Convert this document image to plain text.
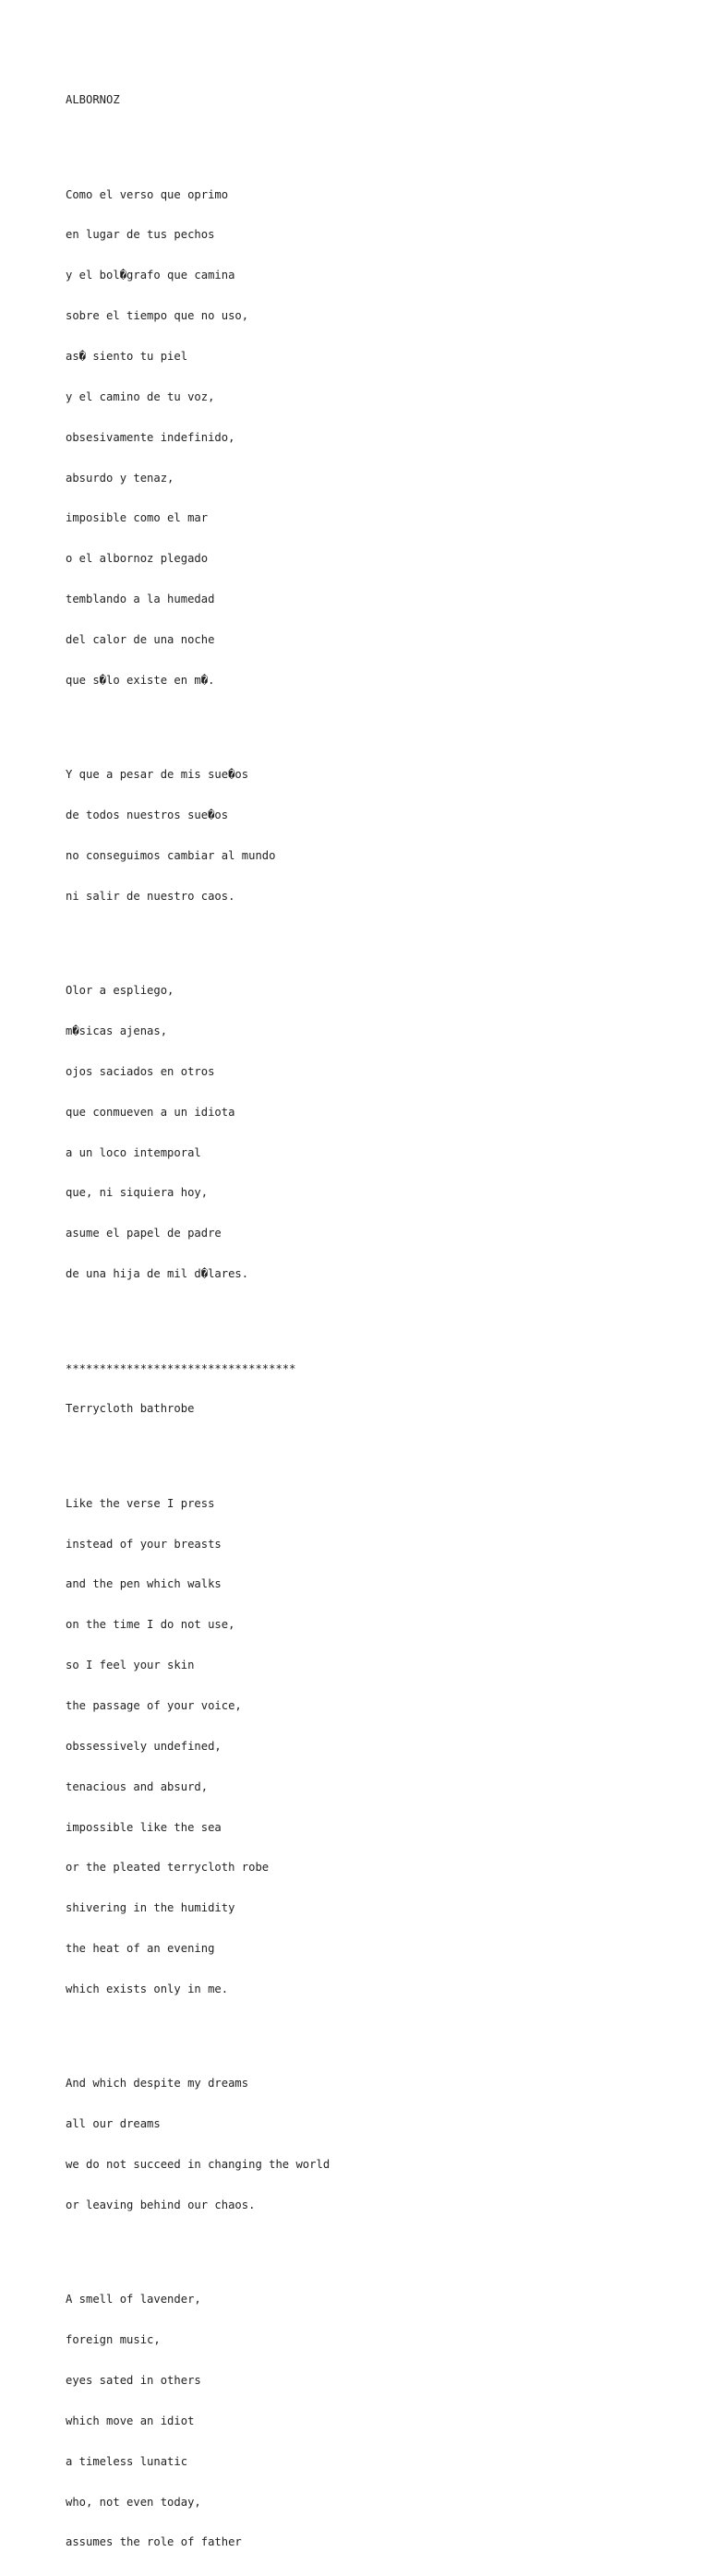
ALBORNOZ

Como el verso que oprimo

en lugar de tus pechos

y el bol�grafo que camina

sobre el tiempo que no uso,

as� siento tu piel

y el camino de tu voz,

obsesivamente indefinido,

absurdo y tenaz,

imposible como el mar

o el albornoz plegado

temblando a la humedad

del calor de una noche

que s�lo existe en m�.

Y que a pesar de mis sue�os

de todos nuestros sue�os

no conseguimos cambiar al mundo

ni salir de nuestro caos.

Olor a espliego,

m�sicas ajenas,

ojos saciados en otros

que conmueven a un idiota

a un loco intemporal

que, ni siquiera hoy,

asume el papel de padre

de una hija de mil d�lares.

**********************************

Terrycloth bathrobe

Like the verse I press

instead of your breasts

and the pen which walks

on the time I do not use,

so I feel your skin

the passage of your voice,

obssessively undefined,

tenacious and absurd,

impossible like the sea

or the pleated terrycloth robe

shivering in the humidity

the heat of an evening

which exists only in me.

And which despite my dreams

all our dreams

we do not succeed in changing the world

or leaving behind our chaos.

A smell of lavender,

foreign music,

eyes sated in others

which move an idiot

a timeless lunatic

who, not even today,

assumes the role of father
